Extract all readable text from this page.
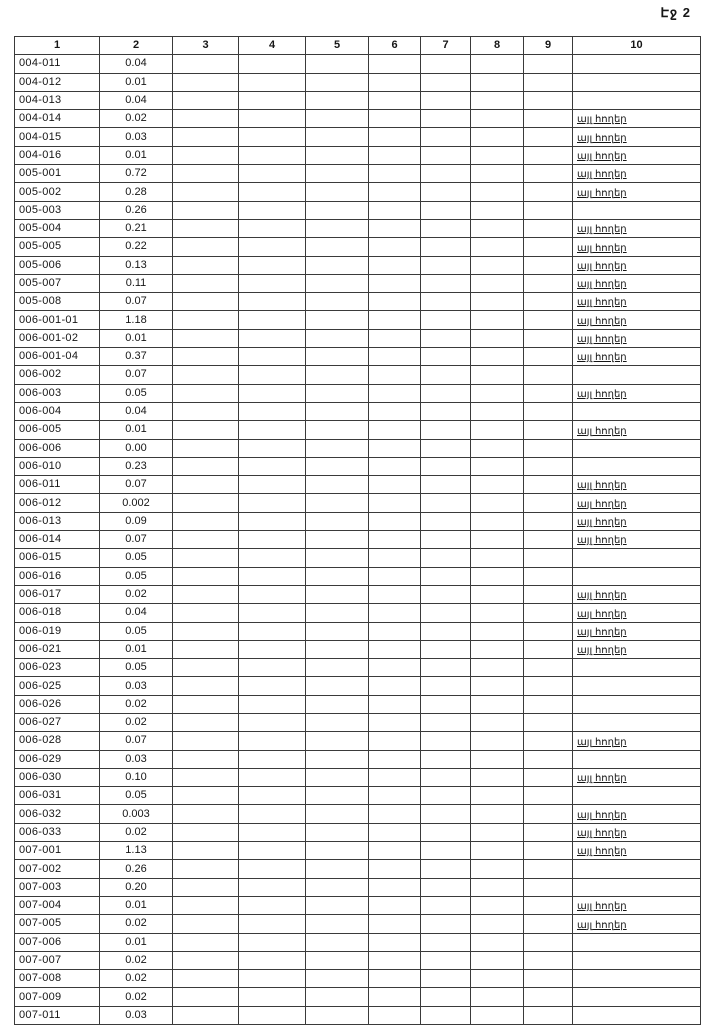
Էջ 2
1	2	3	4	5	6	7	8	9	10
004-011	0.04								
004-012	0.01								
004-013	0.04								
004-014	0.02								այլ հողեր
004-015	0.03								այլ հողեր
004-016	0.01								այլ հողեր
005-001	0.72								այլ հողեր
005-002	0.28								այլ հողեր
005-003	0.26								
005-004	0.21								այլ հողեր
005-005	0.22								այլ հողեր
005-006	0.13								այլ հողեր
005-007	0.11								այլ հողեր
005-008	0.07								այլ հողեր
006-001-01	1.18								այլ հողեր
006-001-02	0.01								այլ հողեր
006-001-04	0.37								այլ հողեր
006-002	0.07								
006-003	0.05								այլ հողեր
006-004	0.04								
006-005	0.01								այլ հողեր
006-006	0.00								
006-010	0.23								
006-011	0.07								այլ հողեր
006-012	0.002								այլ հողեր
006-013	0.09								այլ հողեր
006-014	0.07								այլ հողեր
006-015	0.05								
006-016	0.05								
006-017	0.02								այլ հողեր
006-018	0.04								այլ հողեր
006-019	0.05								այլ հողեր
006-021	0.01								այլ հողեր
006-023	0.05								
006-025	0.03								
006-026	0.02								
006-027	0.02								
006-028	0.07								այլ հողեր
006-029	0.03								
006-030	0.10								այլ հողեր
006-031	0.05								
006-032	0.003								այլ հողեր
006-033	0.02								այլ հողեր
007-001	1.13								այլ հողեր
007-002	0.26								
007-003	0.20								
007-004	0.01								այլ հողեր
007-005	0.02								այլ հողեր
007-006	0.01								
007-007	0.02								
007-008	0.02								
007-009	0.02								
007-011	0.03								
